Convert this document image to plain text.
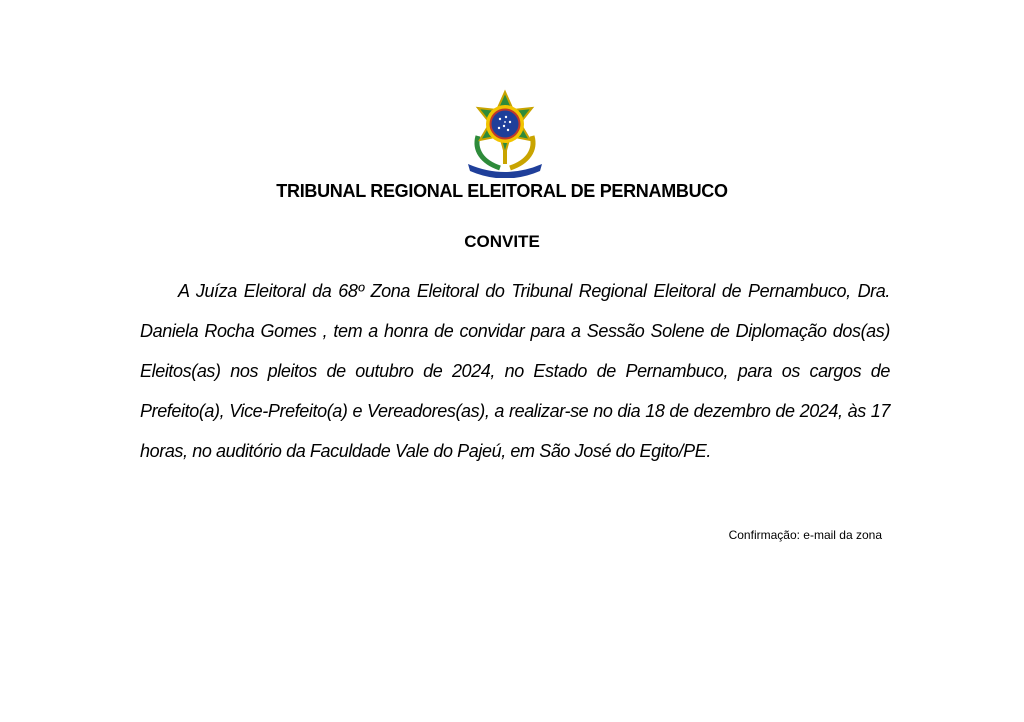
TRIBUNAL REGIONAL ELEITORAL DE PERNAMBUCO
CONVITE
A Juíza Eleitoral da 68º Zona Eleitoral do Tribunal Regional Eleitoral de Pernambuco, Dra. Daniela Rocha Gomes , tem a honra de convidar para a Sessão Solene de Diplomação dos(as) Eleitos(as) nos pleitos de outubro de 2024, no Estado de Pernambuco, para os cargos de Prefeito(a), Vice-Prefeito(a) e Vereadores(as), a realizar-se no dia 18 de dezembro de 2024, às 17 horas, no auditório da Faculdade Vale do Pajeú, em São José do Egito/PE.
Confirmação: e-mail da zona
